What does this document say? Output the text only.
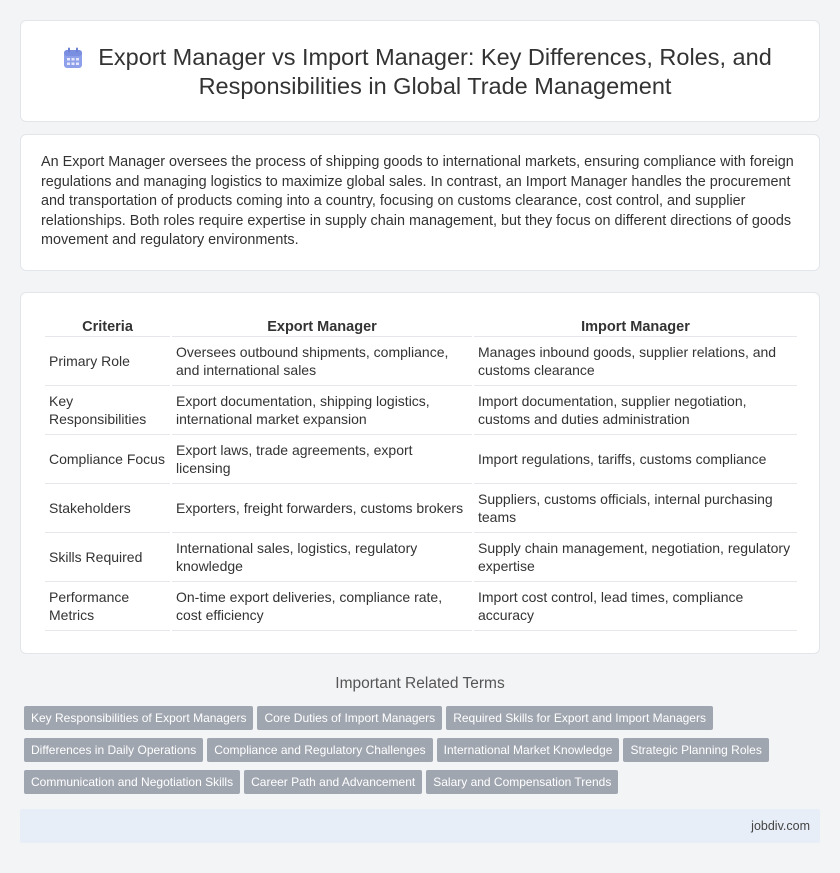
Export Manager vs Import Manager: Key Differences, Roles, and Responsibilities in Global Trade Management

An Export Manager oversees the process of shipping goods to international markets, ensuring compliance with foreign regulations and managing logistics to maximize global sales. In contrast, an Import Manager handles the procurement and transportation of products coming into a country, focusing on customs clearance, cost control, and supplier relationships. Both roles require expertise in supply chain management, but they focus on different directions of goods movement and regulatory environments.

Criteria	Export Manager	Import Manager
Primary Role	Oversees outbound shipments, compliance, and international sales	Manages inbound goods, supplier relations, and customs clearance
Key Responsibilities	Export documentation, shipping logistics, international market expansion	Import documentation, supplier negotiation, customs and duties administration
Compliance Focus	Export laws, trade agreements, export licensing	Import regulations, tariffs, customs compliance
Stakeholders	Exporters, freight forwarders, customs brokers	Suppliers, customs officials, internal purchasing teams
Skills Required	International sales, logistics, regulatory knowledge	Supply chain management, negotiation, regulatory expertise
Performance Metrics	On-time export deliveries, compliance rate, cost efficiency	Import cost control, lead times, compliance accuracy
Important Related Terms
Key Responsibilities of Export Managers Core Duties of Import Managers Required Skills for Export and Import Managers
Differences in Daily Operations Compliance and Regulatory Challenges International Market Knowledge Strategic Planning Roles
Communication and Negotiation Skills Career Path and Advancement Salary and Compensation Trends
jobdiv.com
